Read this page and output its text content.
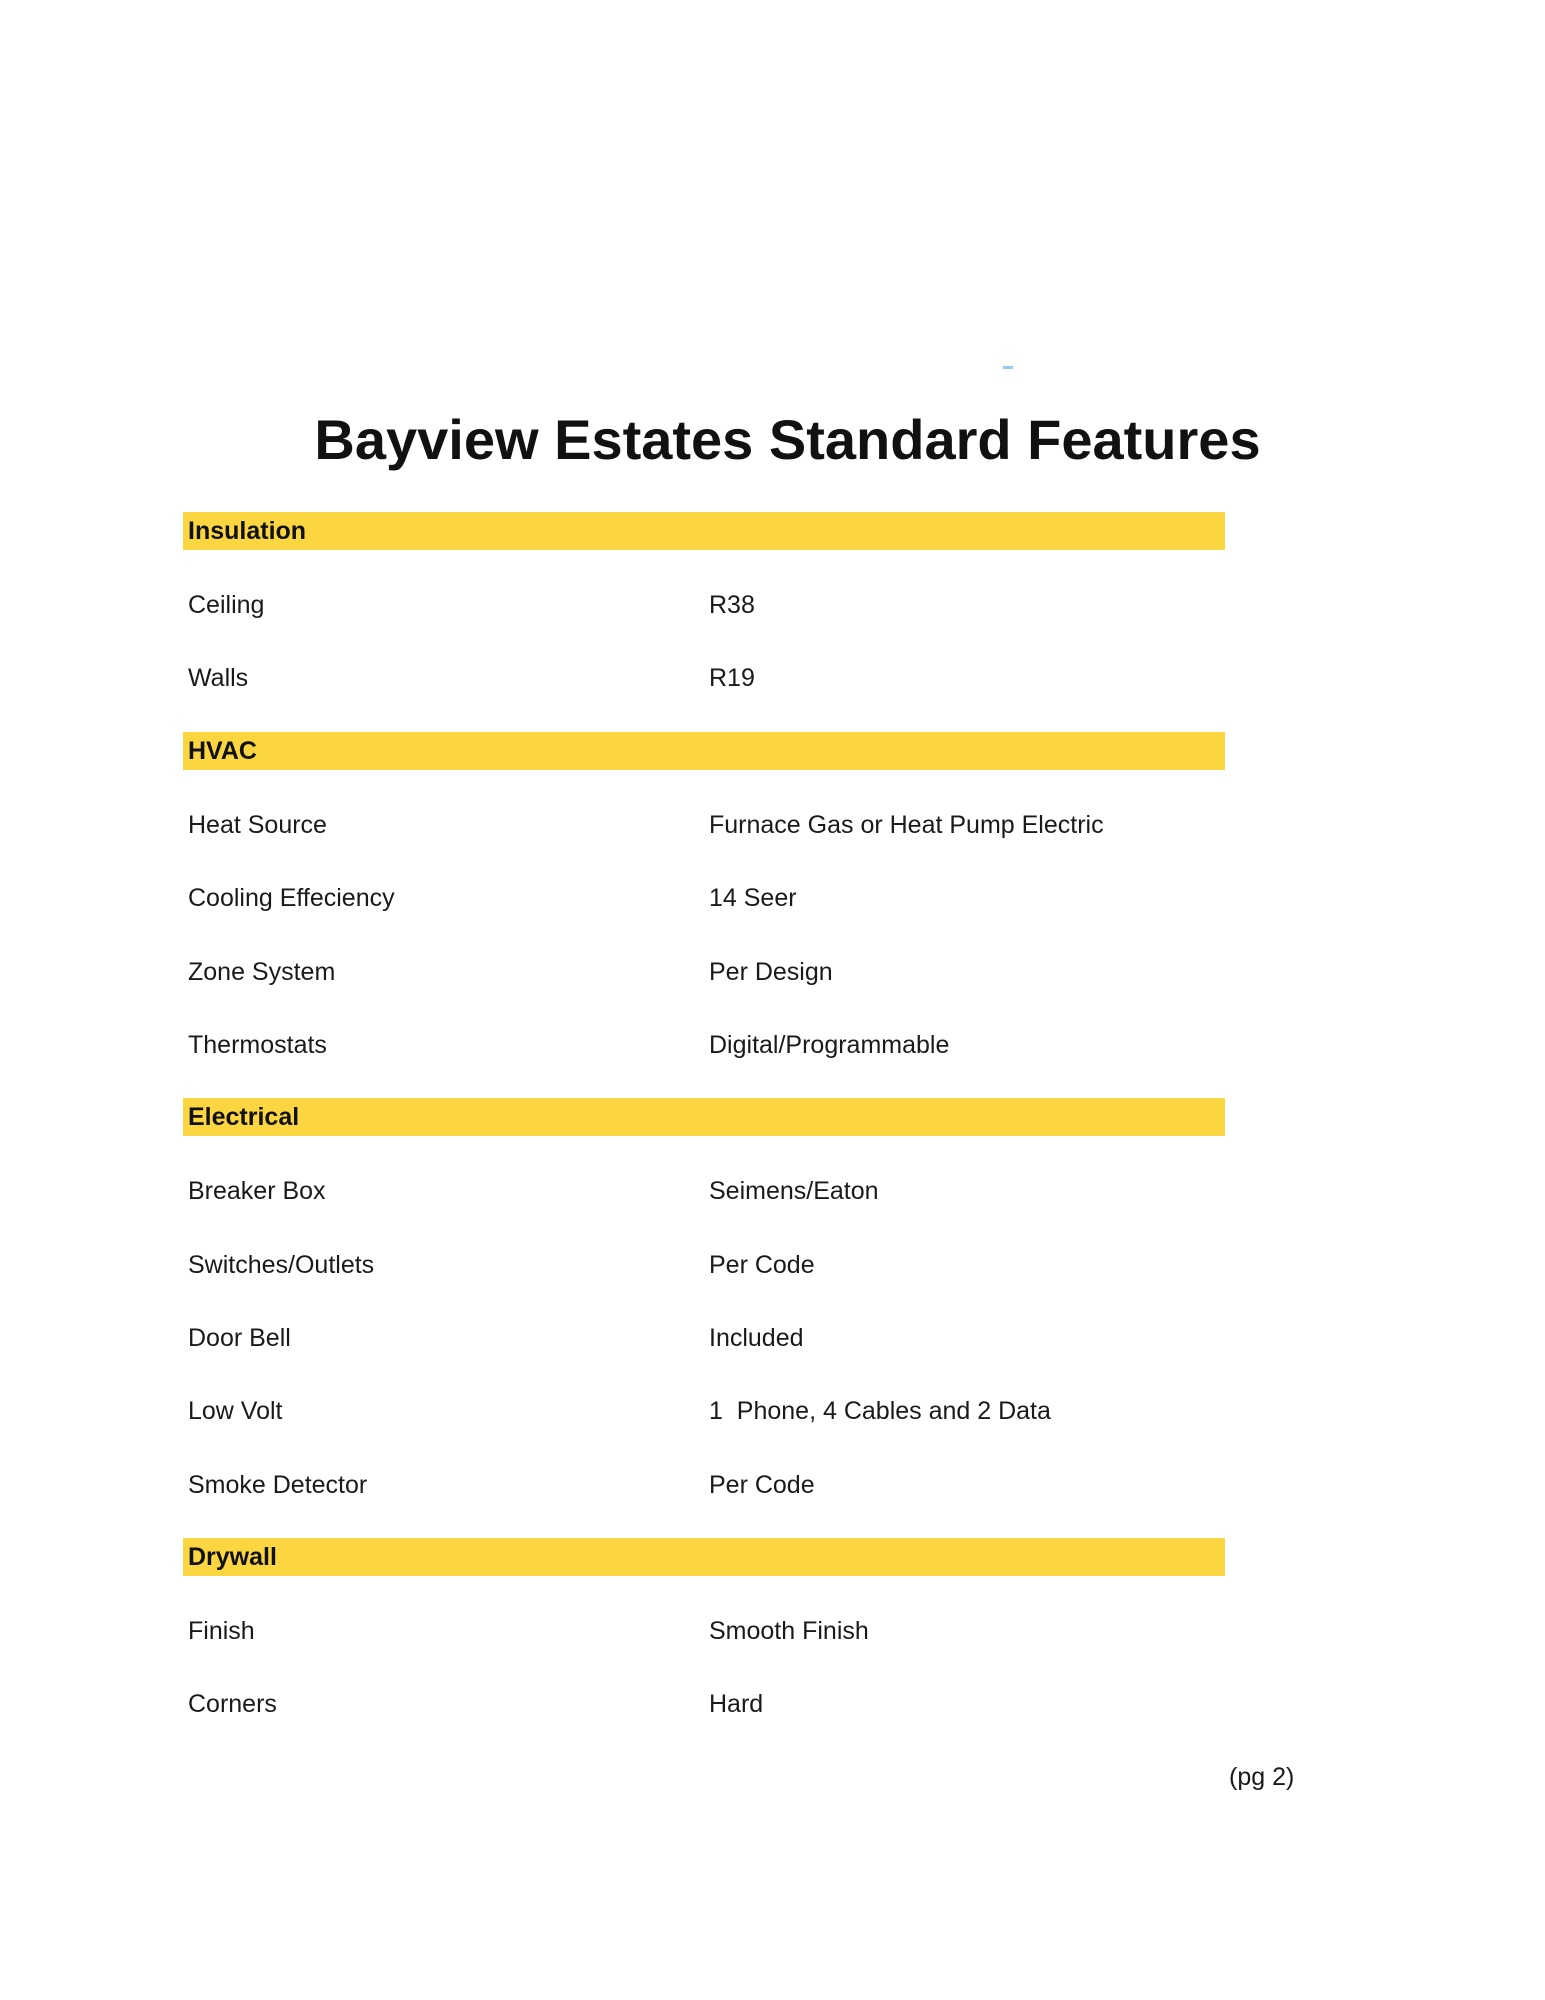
Bayview Estates Standard Features
Insulation
Ceiling	R38
Walls	R19
HVAC
Heat Source	Furnace Gas or Heat Pump Electric
Cooling Effeciency	14 Seer
Zone System	Per Design
Thermostats	Digital/Programmable
Electrical
Breaker Box	Seimens/Eaton
Switches/Outlets	Per Code
Door Bell	Included
Low Volt	1  Phone, 4 Cables and 2 Data
Smoke Detector	Per Code
Drywall
Finish	Smooth Finish
Corners	Hard
(pg 2)
